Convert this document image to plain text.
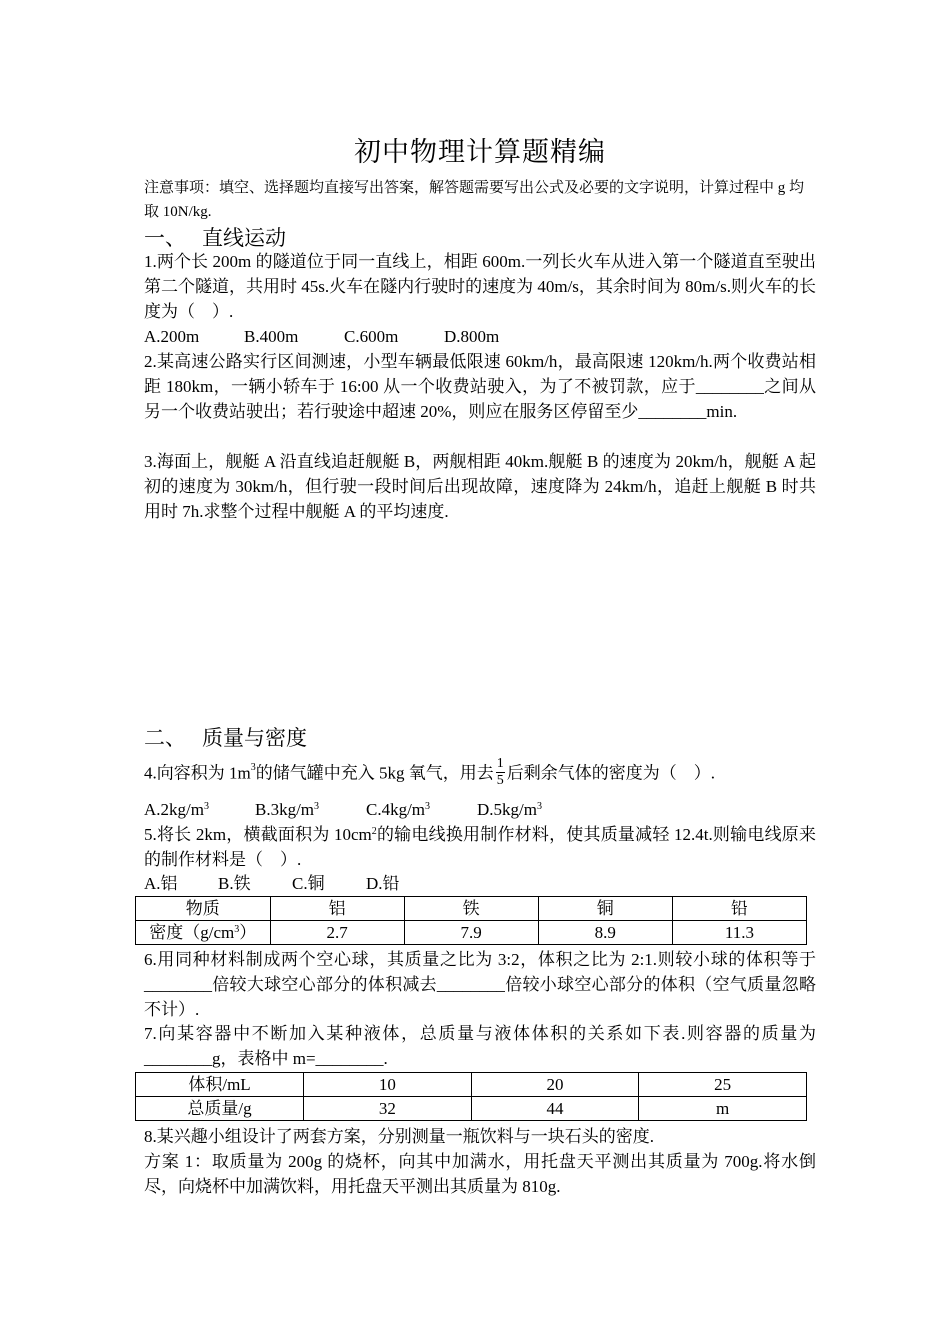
初中物理计算题精编
注意事项：填空、选择题均直接写出答案，解答题需要写出公式及必要的文字说明，计算过程中 g 均取 10N/kg.
一、 直线运动
1.两个长 200m 的隧道位于同一直线上，相距 600m.一列长火车从进入第一个隧道直至驶出第二个隧道，共用时 45s.火车在隧内行驶时的速度为 40m/s，其余时间为 80m/s.则火车的长度为（　）.
A.200m	B.400m	C.600m	D.800m
2.某高速公路实行区间测速，小型车辆最低限速 60km/h，最高限速 120km/h.两个收费站相距 180km，一辆小轿车于 16:00 从一个收费站驶入，为了不被罚款，应于________之间从另一个收费站驶出；若行驶途中超速 20%，则应在服务区停留至少________min.
3.海面上，舰艇 A 沿直线追赶舰艇 B，两舰相距 40km.舰艇 B 的速度为 20km/h，舰艇 A 起初的速度为 30km/h，但行驶一段时间后出现故障，速度降为 24km/h，追赶上舰艇 B 时共用时 7h.求整个过程中舰艇 A 的平均速度.
二、 质量与密度
4.向容积为 $1m^3$的储气罐中充入 5kg 氧气，用去 $\frac{1}{5}$ 后剩余气体的密度为（　）.
$A.2kg/m^3$	$B.3kg/m^3$	$C.4kg/m^3$	$D.5kg/m^3$
5.将长 2km，横截面积为 $10cm^2$的输电线换用制作材料，使其质量减轻 12.4t.则输电线原来的制作材料是（　）.
A.铝 B.铁 C.铜 D.铅
物质	铝	铁	铜	铅
密度$(g/cm^3)$	2.7	7.9	8.9	11.3
6.用同种材料制成两个空心球，其质量之比为 3:2，体积之比为 2:1.则较小球的体积等于________倍较大球空心部分的体积减去________倍较小球空心部分的体积（空气质量忽略不计）.
7.向某容器中不断加入某种液体，总质量与液体体积的关系如下表.则容器的质量为________g，表格中 m=________.
体积/mL	10	20	25
总质量/g	32	44	m
8.某兴趣小组设计了两套方案，分别测量一瓶饮料与一块石头的密度.
方案 1：取质量为 200g 的烧杯，向其中加满水，用托盘天平测出其质量为 700g.将水倒尽，向烧杯中加满饮料，用托盘天平测出其质量为 810g.
